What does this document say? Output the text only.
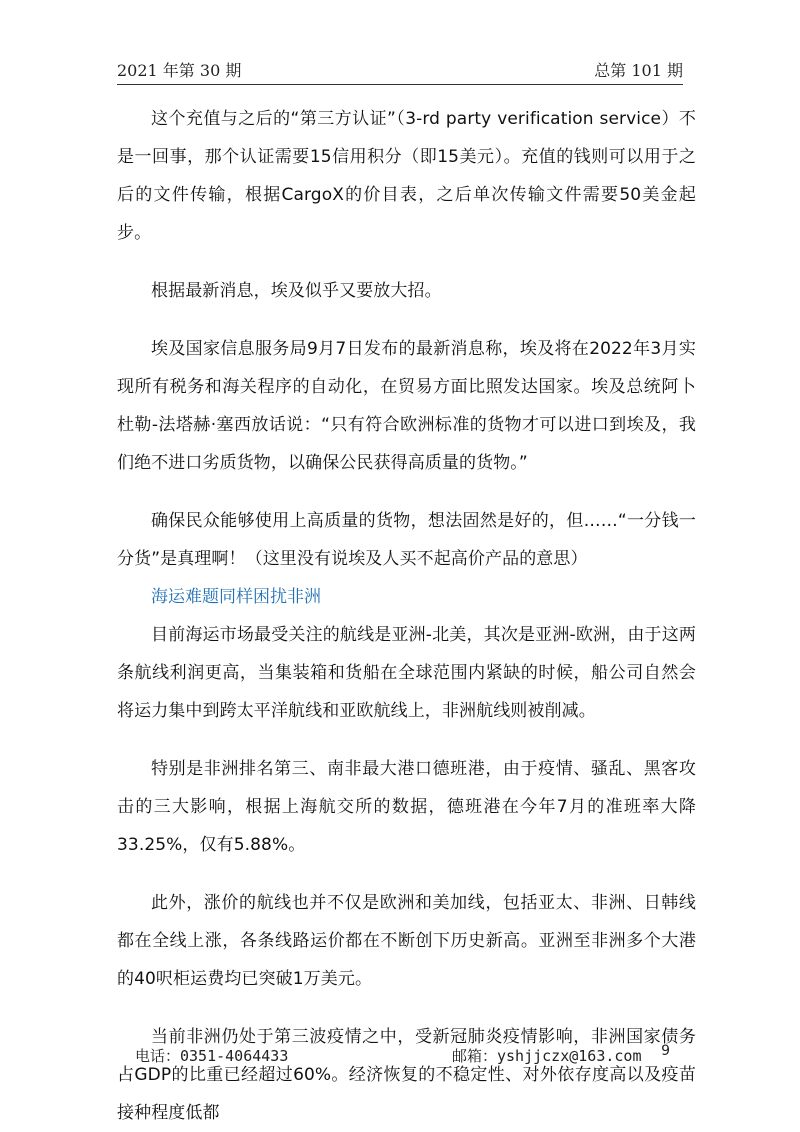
2021 年第 30 期	总第 101 期

这个充值与之后的“第三方认证”（3-rd party verification service）不是一回事，那个认证需要15信用积分（即15美元）。充值的钱则可以用于之后的文件传输，根据CargoX的价目表，之后单次传输文件需要50美金起步。

根据最新消息，埃及似乎又要放大招。

埃及国家信息服务局9月7日发布的最新消息称，埃及将在2022年3月实现所有税务和海关程序的自动化，在贸易方面比照发达国家。埃及总统阿卜杜勒-法塔赫·塞西放话说：“只有符合欧洲标准的货物才可以进口到埃及，我们绝不进口劣质货物，以确保公民获得高质量的货物。”

确保民众能够使用上高质量的货物，想法固然是好的，但……“一分钱一分货”是真理啊！（这里没有说埃及人买不起高价产品的意思）

海运难题同样困扰非洲

目前海运市场最受关注的航线是亚洲-北美，其次是亚洲-欧洲，由于这两条航线利润更高，当集装箱和货船在全球范围内紧缺的时候，船公司自然会将运力集中到跨太平洋航线和亚欧航线上，非洲航线则被削减。

特别是非洲排名第三、南非最大港口德班港，由于疫情、骚乱、黑客攻击的三大影响，根据上海航交所的数据，德班港在今年7月的准班率大降33.25%，仅有5.88%。

此外，涨价的航线也并不仅是欧洲和美加线，包括亚太、非洲、日韩线都在全线上涨，各条线路运价都在不断创下历史新高。亚洲至非洲多个大港的40呎柜运费均已突破1万美元。

当前非洲仍处于第三波疫情之中，受新冠肺炎疫情影响，非洲国家债务占GDP的比重已经超过60%。经济恢复的不稳定性、对外依存度高以及疫苗接种程度低都

电话：0351-4064433	邮箱：yshjjczx@163.com 9
